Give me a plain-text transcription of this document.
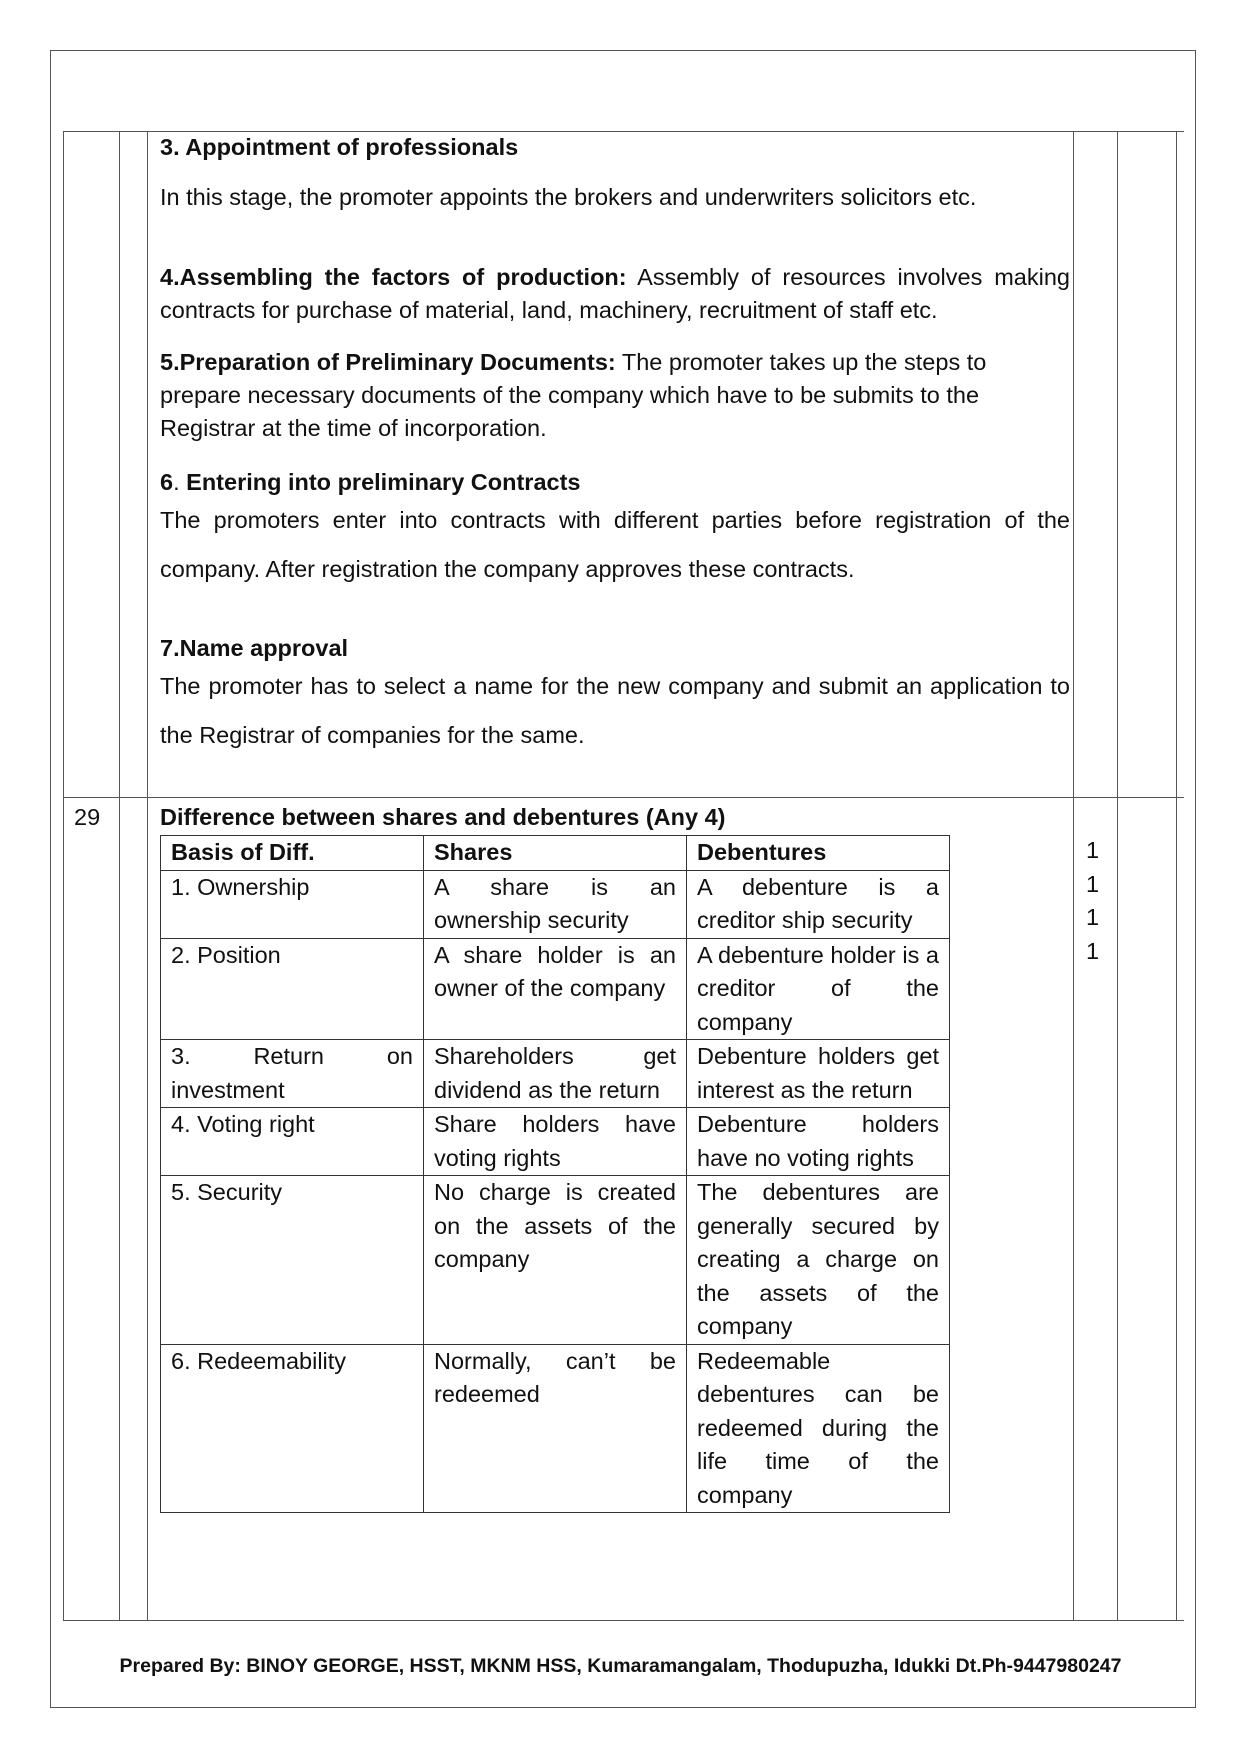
3. Appointment of professionals
In this stage, the promoter appoints the brokers and underwriters solicitors etc.
4.Assembling the factors of production: Assembly of resources involves making contracts for purchase of material, land, machinery, recruitment of staff etc.
5.Preparation of Preliminary Documents: The promoter takes up the steps to prepare necessary documents of the company which have to be submits to the Registrar at the time of incorporation.
6. Entering into preliminary Contracts
The promoters enter into contracts with different parties before registration of the company. After registration the company approves these contracts.
7.Name approval
The promoter has to select a name for the new company and submit an application to the Registrar of companies for the same.
29	Difference between shares and debentures (Any 4)
Basis of Diff.	Shares	Debentures
1. Ownership	A share is an ownership security	A debenture is a creditor ship security
2. Position	A share holder is an owner of the company	A debenture holder is a creditor of the company
3. Return on investment	Shareholders get dividend as the return	Debenture holders get interest as the return
4. Voting right	Share holders have voting rights	Debenture holders have no voting rights
5. Security	No charge is created on the assets of the company	The debentures are generally secured by creating a charge on the assets of the company
6. Redeemability	Normally, can’t be redeemed	Redeemable debentures can be redeemed during the life time of the company
1
1
1
1
Prepared By: BINOY GEORGE, HSST, MKNM HSS, Kumaramangalam, Thodupuzha, Idukki Dt.Ph-9447980247
